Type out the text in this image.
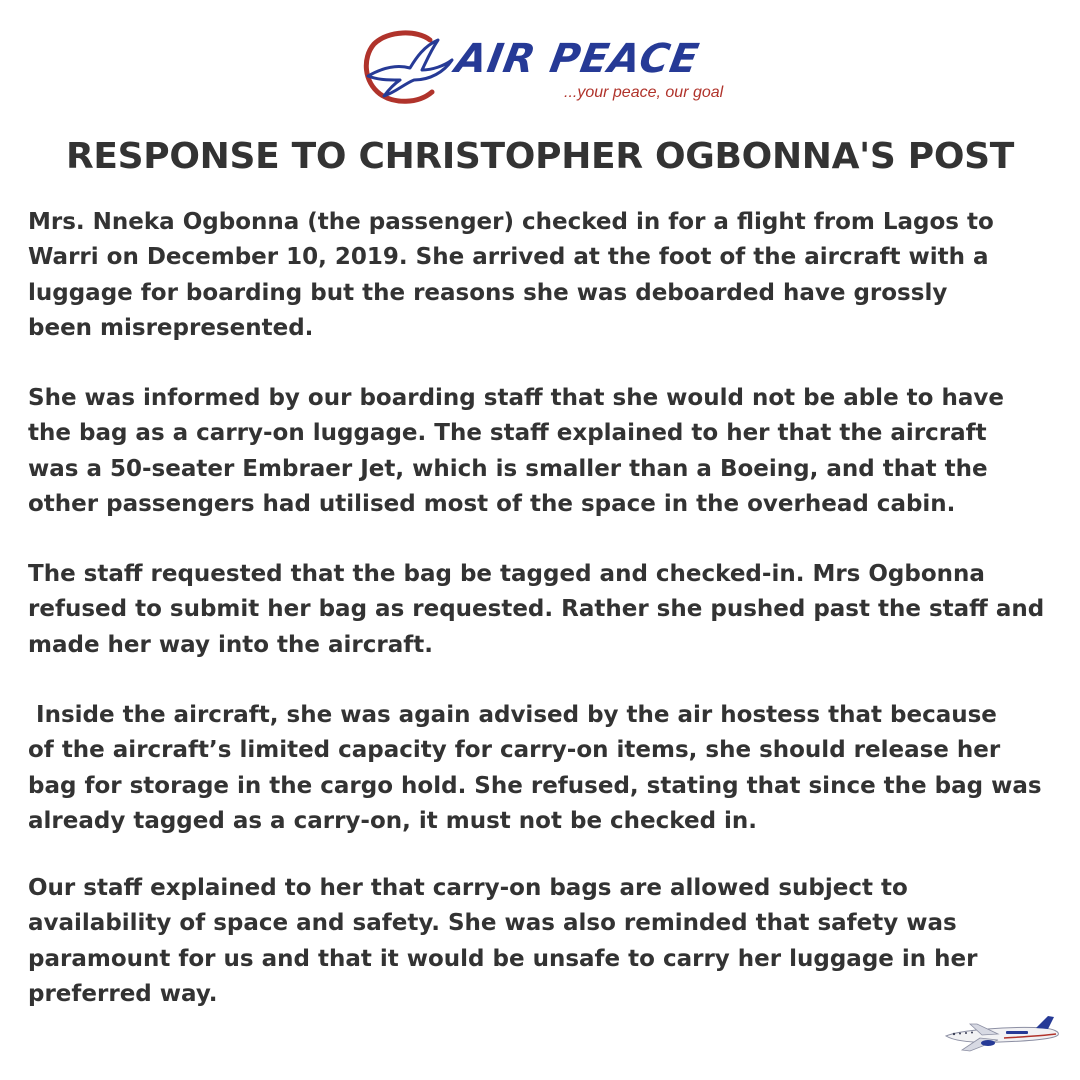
AIR PEACE
...your peace, our goal
RESPONSE TO CHRISTOPHER OGBONNA'S POST
Mrs. Nneka Ogbonna (the passenger) checked in for a flight from Lagos to
Warri on December 10, 2019. She arrived at the foot of the aircraft with a
luggage for boarding but the reasons she was deboarded have grossly
been misrepresented.
She was informed by our boarding staff that she would not be able to have
the bag as a carry-on luggage. The staff explained to her that the aircraft
was a 50-seater Embraer Jet, which is smaller than a Boeing, and that the
other passengers had utilised most of the space in the overhead cabin.
The staff requested that the bag be tagged and checked-in. Mrs Ogbonna
refused to submit her bag as requested. Rather she pushed past the staff and
made her way into the aircraft.
Inside the aircraft, she was again advised by the air hostess that because
of the aircraft’s limited capacity for carry-on items, she should release her
bag for storage in the cargo hold. She refused, stating that since the bag was
already tagged as a carry-on, it must not be checked in.
Our staff explained to her that carry-on bags are allowed subject to
availability of space and safety. She was also reminded that safety was
paramount for us and that it would be unsafe to carry her luggage in her
preferred way.
